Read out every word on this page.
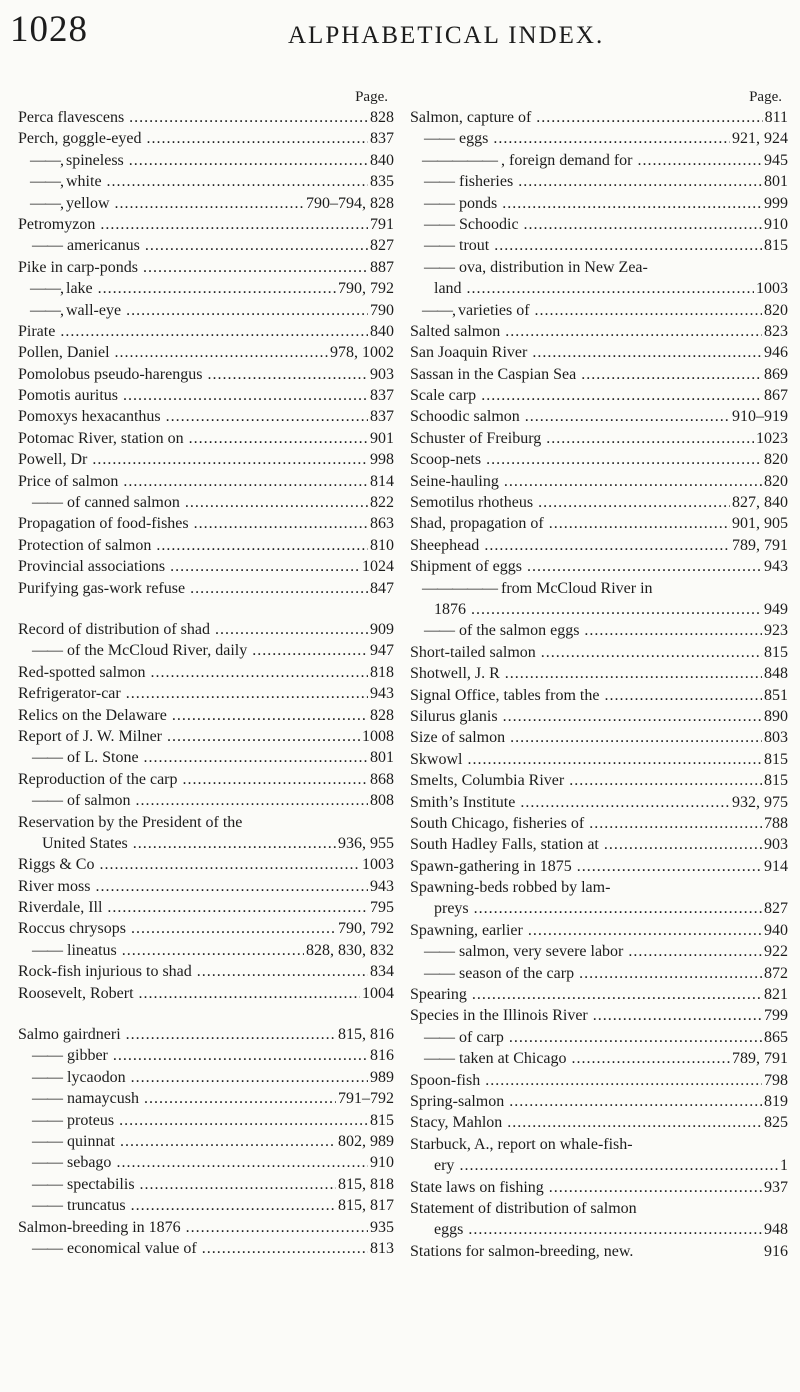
1028	ALPHABETICAL INDEX.
Page.
Perca flavescens .....	828
Perch, goggle-eyed .....	837
——, spineless .....	840
——, white .....	835
——, yellow .....	790–794, 828
Petromyzon .....	791
—— americanus .....	827
Pike in carp-ponds .....	887
——, lake .....	790, 792
——, wall-eye .....	790
Pirate .....	840
Pollen, Daniel .....	978, 1002
Pomolobus pseudo-harengus .....	903
Pomotis auritus .....	837
Pomoxys hexacanthus .....	837
Potomac River, station on .....	901
Powell, Dr .....	998
Price of salmon .....	814
—— of canned salmon .....	822
Propagation of food-fishes .....	863
Protection of salmon .....	810
Provincial associations .....	1024
Purifying gas-work refuse .....	847
Record of distribution of shad .....	909
—— of the McCloud River, daily .....	947
Red-spotted salmon .....	818
Refrigerator-car .....	943
Relics on the Delaware .....	828
Report of J. W. Milner .....	1008
—— of L. Stone .....	801
Reproduction of the carp .....	868
—— of salmon .....	808
Reservation by the President of the
United States .....	936, 955
Riggs & Co .....	1003
River moss .....	943
Riverdale, Ill .....	795
Roccus chrysops .....	790, 792
—— lineatus .....	828, 830, 832
Rock-fish injurious to shad .....	834
Roosevelt, Robert .....	1004
Salmo gairdneri .....	815, 816
—— gibber .....	816
—— lycaodon .....	989
—— namaycush .....	791–792
—— proteus .....	815
—— quinnat .....	802, 989
—— sebago .....	910
—— spectabilis .....	815, 818
—— truncatus .....	815, 817
Salmon-breeding in 1876 .....	935
—— economical value of .....	813
Page.
Salmon, capture of .....	811
—— eggs .....	921, 924
————— , foreign demand for .....	945
—— fisheries .....	801
—— ponds .....	999
—— Schoodic .....	910
—— trout .....	815
—— ova, distribution in New Zea-
land .....	1003
——, varieties of .....	820
Salted salmon .....	823
San Joaquin River .....	946
Sassan in the Caspian Sea .....	869
Scale carp .....	867
Schoodic salmon .....	910–919
Schuster of Freiburg .....	1023
Scoop-nets .....	820
Seine-hauling .....	820
Semotilus rhotheus .....	827, 840
Shad, propagation of .....	901, 905
Sheephead .....	789, 791
Shipment of eggs .....	943
————— from McCloud River in
1876 .....	949
—— of the salmon eggs .....	923
Short-tailed salmon .....	815
Shotwell, J. R .....	848
Signal Office, tables from the .....	851
Silurus glanis .....	890
Size of salmon .....	803
Skwowl .....	815
Smelts, Columbia River .....	815
Smith’s Institute .....	932, 975
South Chicago, fisheries of .....	788
South Hadley Falls, station at .....	903
Spawn-gathering in 1875 .....	914
Spawning-beds robbed by lam-
preys .....	827
Spawning, earlier .....	940
—— salmon, very severe labor .....	922
—— season of the carp .....	872
Spearing .....	821
Species in the Illinois River .....	799
—— of carp .....	865
—— taken at Chicago .....	789, 791
Spoon-fish .....	798
Spring-salmon .....	819
Stacy, Mahlon .....	825
Starbuck, A., report on whale-fish-
ery .....	1
State laws on fishing .....	937
Statement of distribution of salmon
eggs .....	948
Stations for salmon-breeding, new.	916
